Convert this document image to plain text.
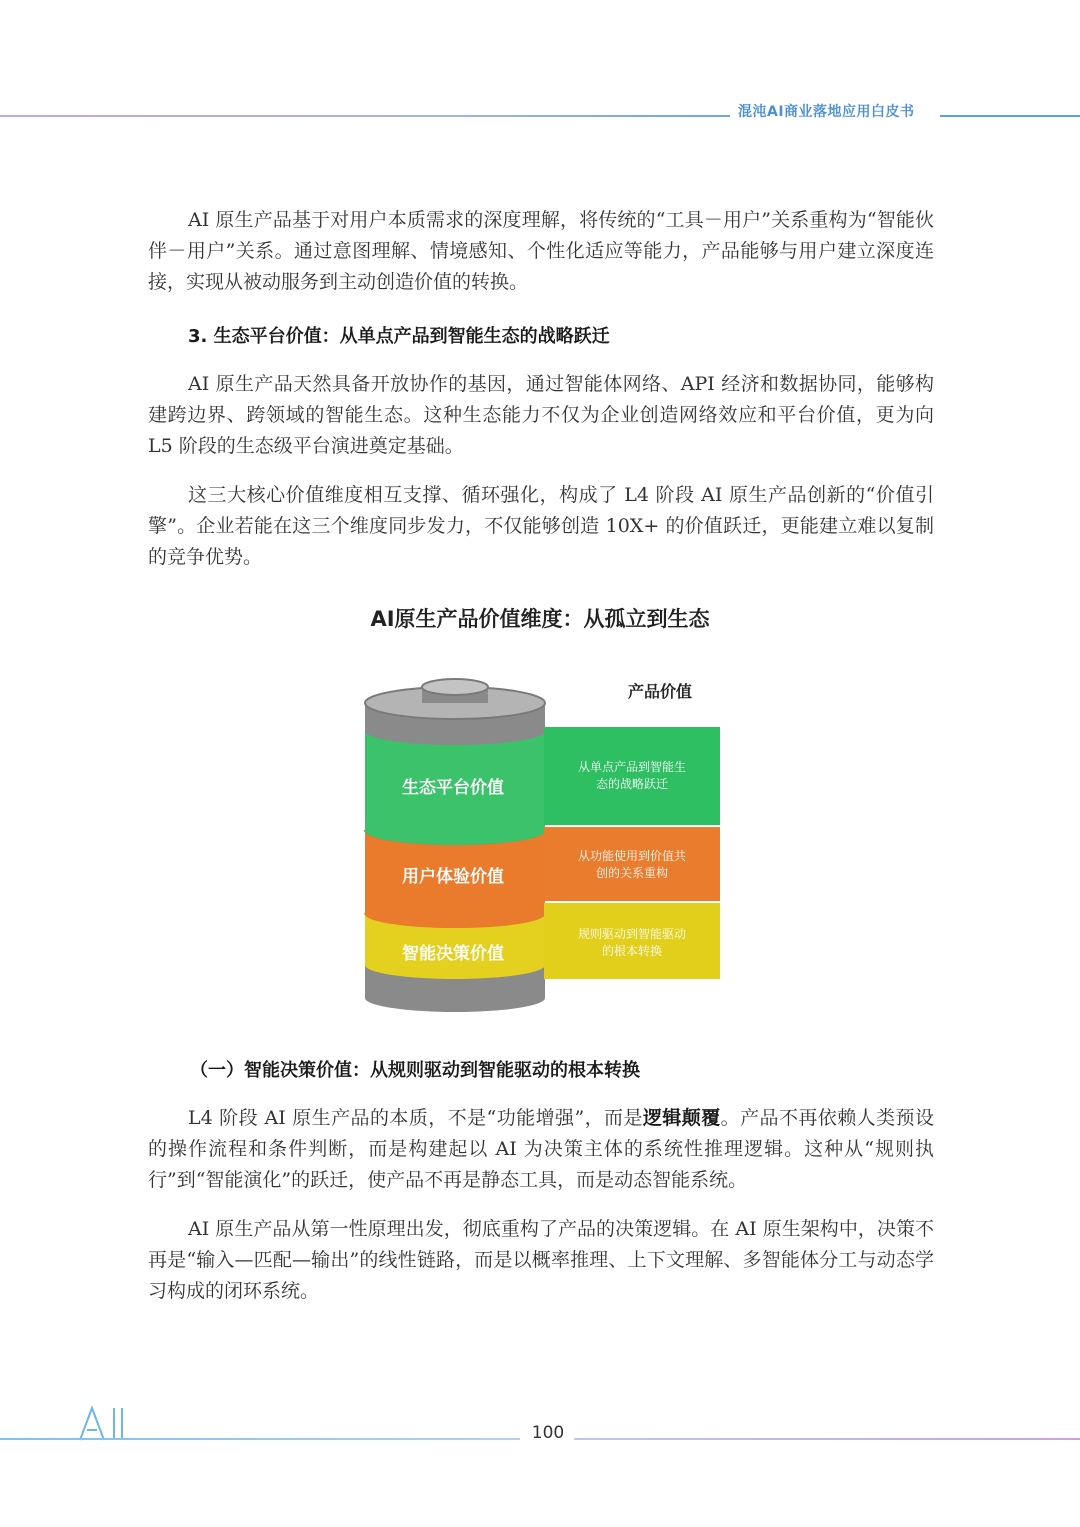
混沌AI商业落地应用白皮书
AI 原生产品基于对用户本质需求的深度理解，将传统的“工具－用户”关系重构为“智能伙伴－用户”关系。通过意图理解、情境感知、个性化适应等能力，产品能够与用户建立深度连接，实现从被动服务到主动创造价值的转换。
3. 生态平台价值：从单点产品到智能生态的战略跃迁
AI 原生产品天然具备开放协作的基因，通过智能体网络、API 经济和数据协同，能够构建跨边界、跨领域的智能生态。这种生态能力不仅为企业创造网络效应和平台价值，更为向 L5 阶段的生态级平台演进奠定基础。
这三大核心价值维度相互支撑、循环强化，构成了 L4 阶段 AI 原生产品创新的“价值引擎”。企业若能在这三个维度同步发力，不仅能够创造 10X+ 的价值跃迁，更能建立难以复制的竞争优势。
AI原生产品价值维度：从孤立到生态
生态平台价值
用户体验价值
智能决策价值
产品价值
从单点产品到智能生
态的战略跃迁
从功能使用到价值共
创的关系重构
规则驱动到智能驱动
的根本转换
（一）智能决策价值：从规则驱动到智能驱动的根本转换
L4 阶段 AI 原生产品的本质，不是“功能增强”，而是逻辑颠覆。产品不再依赖人类预设的操作流程和条件判断，而是构建起以 AI 为决策主体的系统性推理逻辑。这种从“规则执行”到“智能演化”的跃迁，使产品不再是静态工具，而是动态智能系统。
AI 原生产品从第一性原理出发，彻底重构了产品的决策逻辑。在 AI 原生架构中，决策不再是“输入—匹配—输出”的线性链路，而是以概率推理、上下文理解、多智能体分工与动态学习构成的闭环系统。
100
